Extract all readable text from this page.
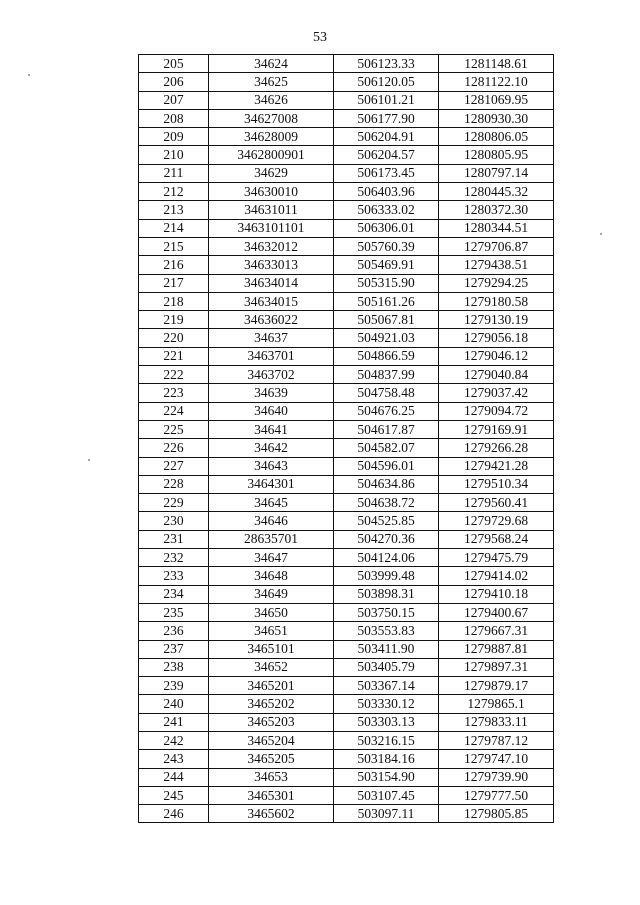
53
205	34624	506123.33	1281148.61
206	34625	506120.05	1281122.10
207	34626	506101.21	1281069.95
208	34627008	506177.90	1280930.30
209	34628009	506204.91	1280806.05
210	3462800901	506204.57	1280805.95
211	34629	506173.45	1280797.14
212	34630010	506403.96	1280445.32
213	34631011	506333.02	1280372.30
214	3463101101	506306.01	1280344.51
215	34632012	505760.39	1279706.87
216	34633013	505469.91	1279438.51
217	34634014	505315.90	1279294.25
218	34634015	505161.26	1279180.58
219	34636022	505067.81	1279130.19
220	34637	504921.03	1279056.18
221	3463701	504866.59	1279046.12
222	3463702	504837.99	1279040.84
223	34639	504758.48	1279037.42
224	34640	504676.25	1279094.72
225	34641	504617.87	1279169.91
226	34642	504582.07	1279266.28
227	34643	504596.01	1279421.28
228	3464301	504634.86	1279510.34
229	34645	504638.72	1279560.41
230	34646	504525.85	1279729.68
231	28635701	504270.36	1279568.24
232	34647	504124.06	1279475.79
233	34648	503999.48	1279414.02
234	34649	503898.31	1279410.18
235	34650	503750.15	1279400.67
236	34651	503553.83	1279667.31
237	3465101	503411.90	1279887.81
238	34652	503405.79	1279897.31
239	3465201	503367.14	1279879.17
240	3465202	503330.12	1279865.1
241	3465203	503303.13	1279833.11
242	3465204	503216.15	1279787.12
243	3465205	503184.16	1279747.10
244	34653	503154.90	1279739.90
245	3465301	503107.45	1279777.50
246	3465602	503097.11	1279805.85
